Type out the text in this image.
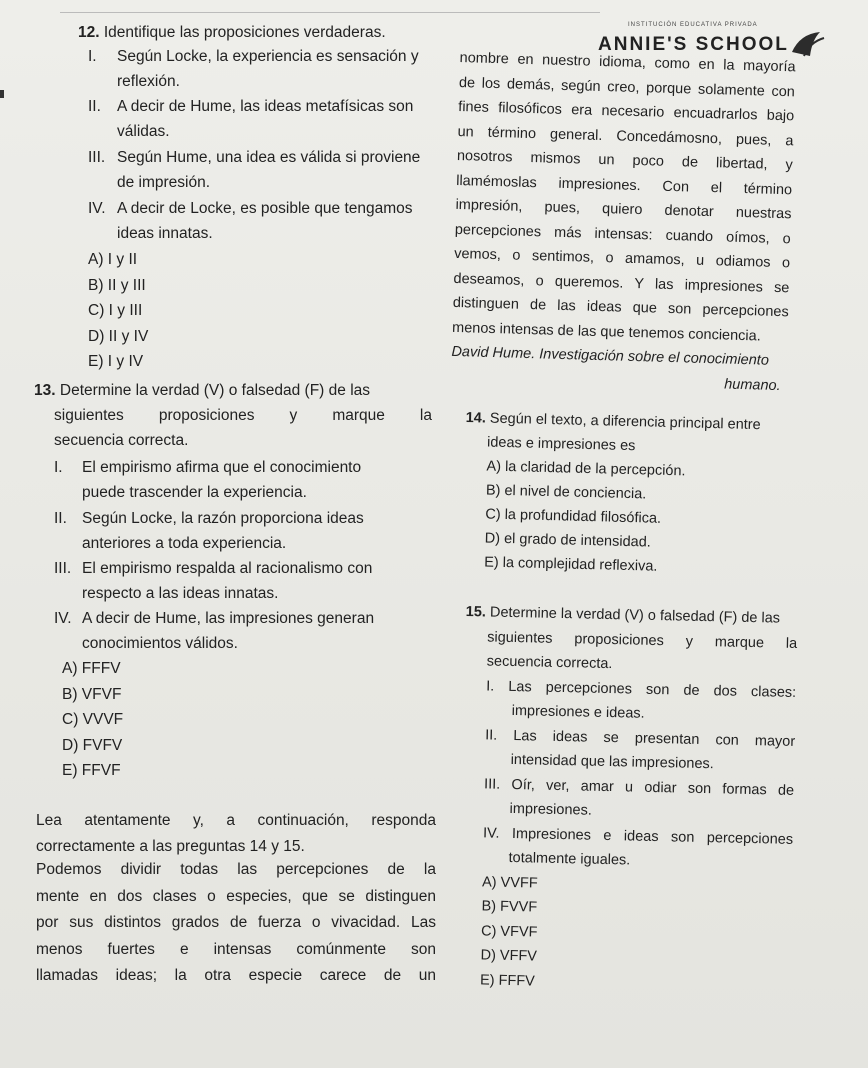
INSTITUCIÓN EDUCATIVA PRIVADA
ANNIE'S SCHOOL
12. Identifique las proposiciones verdaderas.
I. Según Locke, la experiencia es sensación y
reflexión.
II. A decir de Hume, las ideas metafísicas son
válidas.
III. Según Hume, una idea es válida si proviene
de impresión.
IV. A decir de Locke, es posible que tengamos
ideas innatas.
A) I y II
B) II y III
C) I y III
D) II y IV
E) I y IV
13. Determine la verdad (V) o falsedad (F) de las
siguientes proposiciones y marque la
secuencia correcta.
I. El empirismo afirma que el conocimiento
puede trascender la experiencia.
II. Según Locke, la razón proporciona ideas
anteriores a toda experiencia.
III. El empirismo respalda al racionalismo con
respecto a las ideas innatas.
IV. A decir de Hume, las impresiones generan
conocimientos válidos.
A) FFFV
B) VFVF
C) VVVF
D) FVFV
E) FFVF
Lea atentamente y, a continuación, responda
correctamente a las preguntas 14 y 15.
Podemos dividir todas las percepciones de la
mente en dos clases o especies, que se distinguen
por sus distintos grados de fuerza o vivacidad. Las
menos fuertes e intensas comúnmente son
llamadas ideas; la otra especie carece de un
nombre en nuestro idioma, como en la mayoría
de los demás, según creo, porque solamente con
fines filosóficos era necesario encuadrarlos bajo
un término general. Concedámosno, pues, a
nosotros mismos un poco de libertad, y
llamémoslas impresiones. Con el término
impresión, pues, quiero denotar nuestras
percepciones más intensas: cuando oímos, o
vemos, o sentimos, o amamos, u odiamos o
deseamos, o queremos. Y las impresiones se
distinguen de las ideas que son percepciones
menos intensas de las que tenemos conciencia.
David Hume. Investigación sobre el conocimiento
humano.
14. Según el texto, a diferencia principal entre
ideas e impresiones es
A) la claridad de la percepción.
B) el nivel de conciencia.
C) la profundidad filosófica.
D) el grado de intensidad.
E) la complejidad reflexiva.
15. Determine la verdad (V) o falsedad (F) de las
siguientes proposiciones y marque la
secuencia correcta.
I. Las percepciones son de dos clases:
impresiones e ideas.
II. Las ideas se presentan con mayor
intensidad que las impresiones.
III. Oír, ver, amar u odiar son formas de
impresiones.
IV. Impresiones e ideas son percepciones
totalmente iguales.
A) VVFF
B) FVVF
C) VFVF
D) VFFV
E) FFFV
